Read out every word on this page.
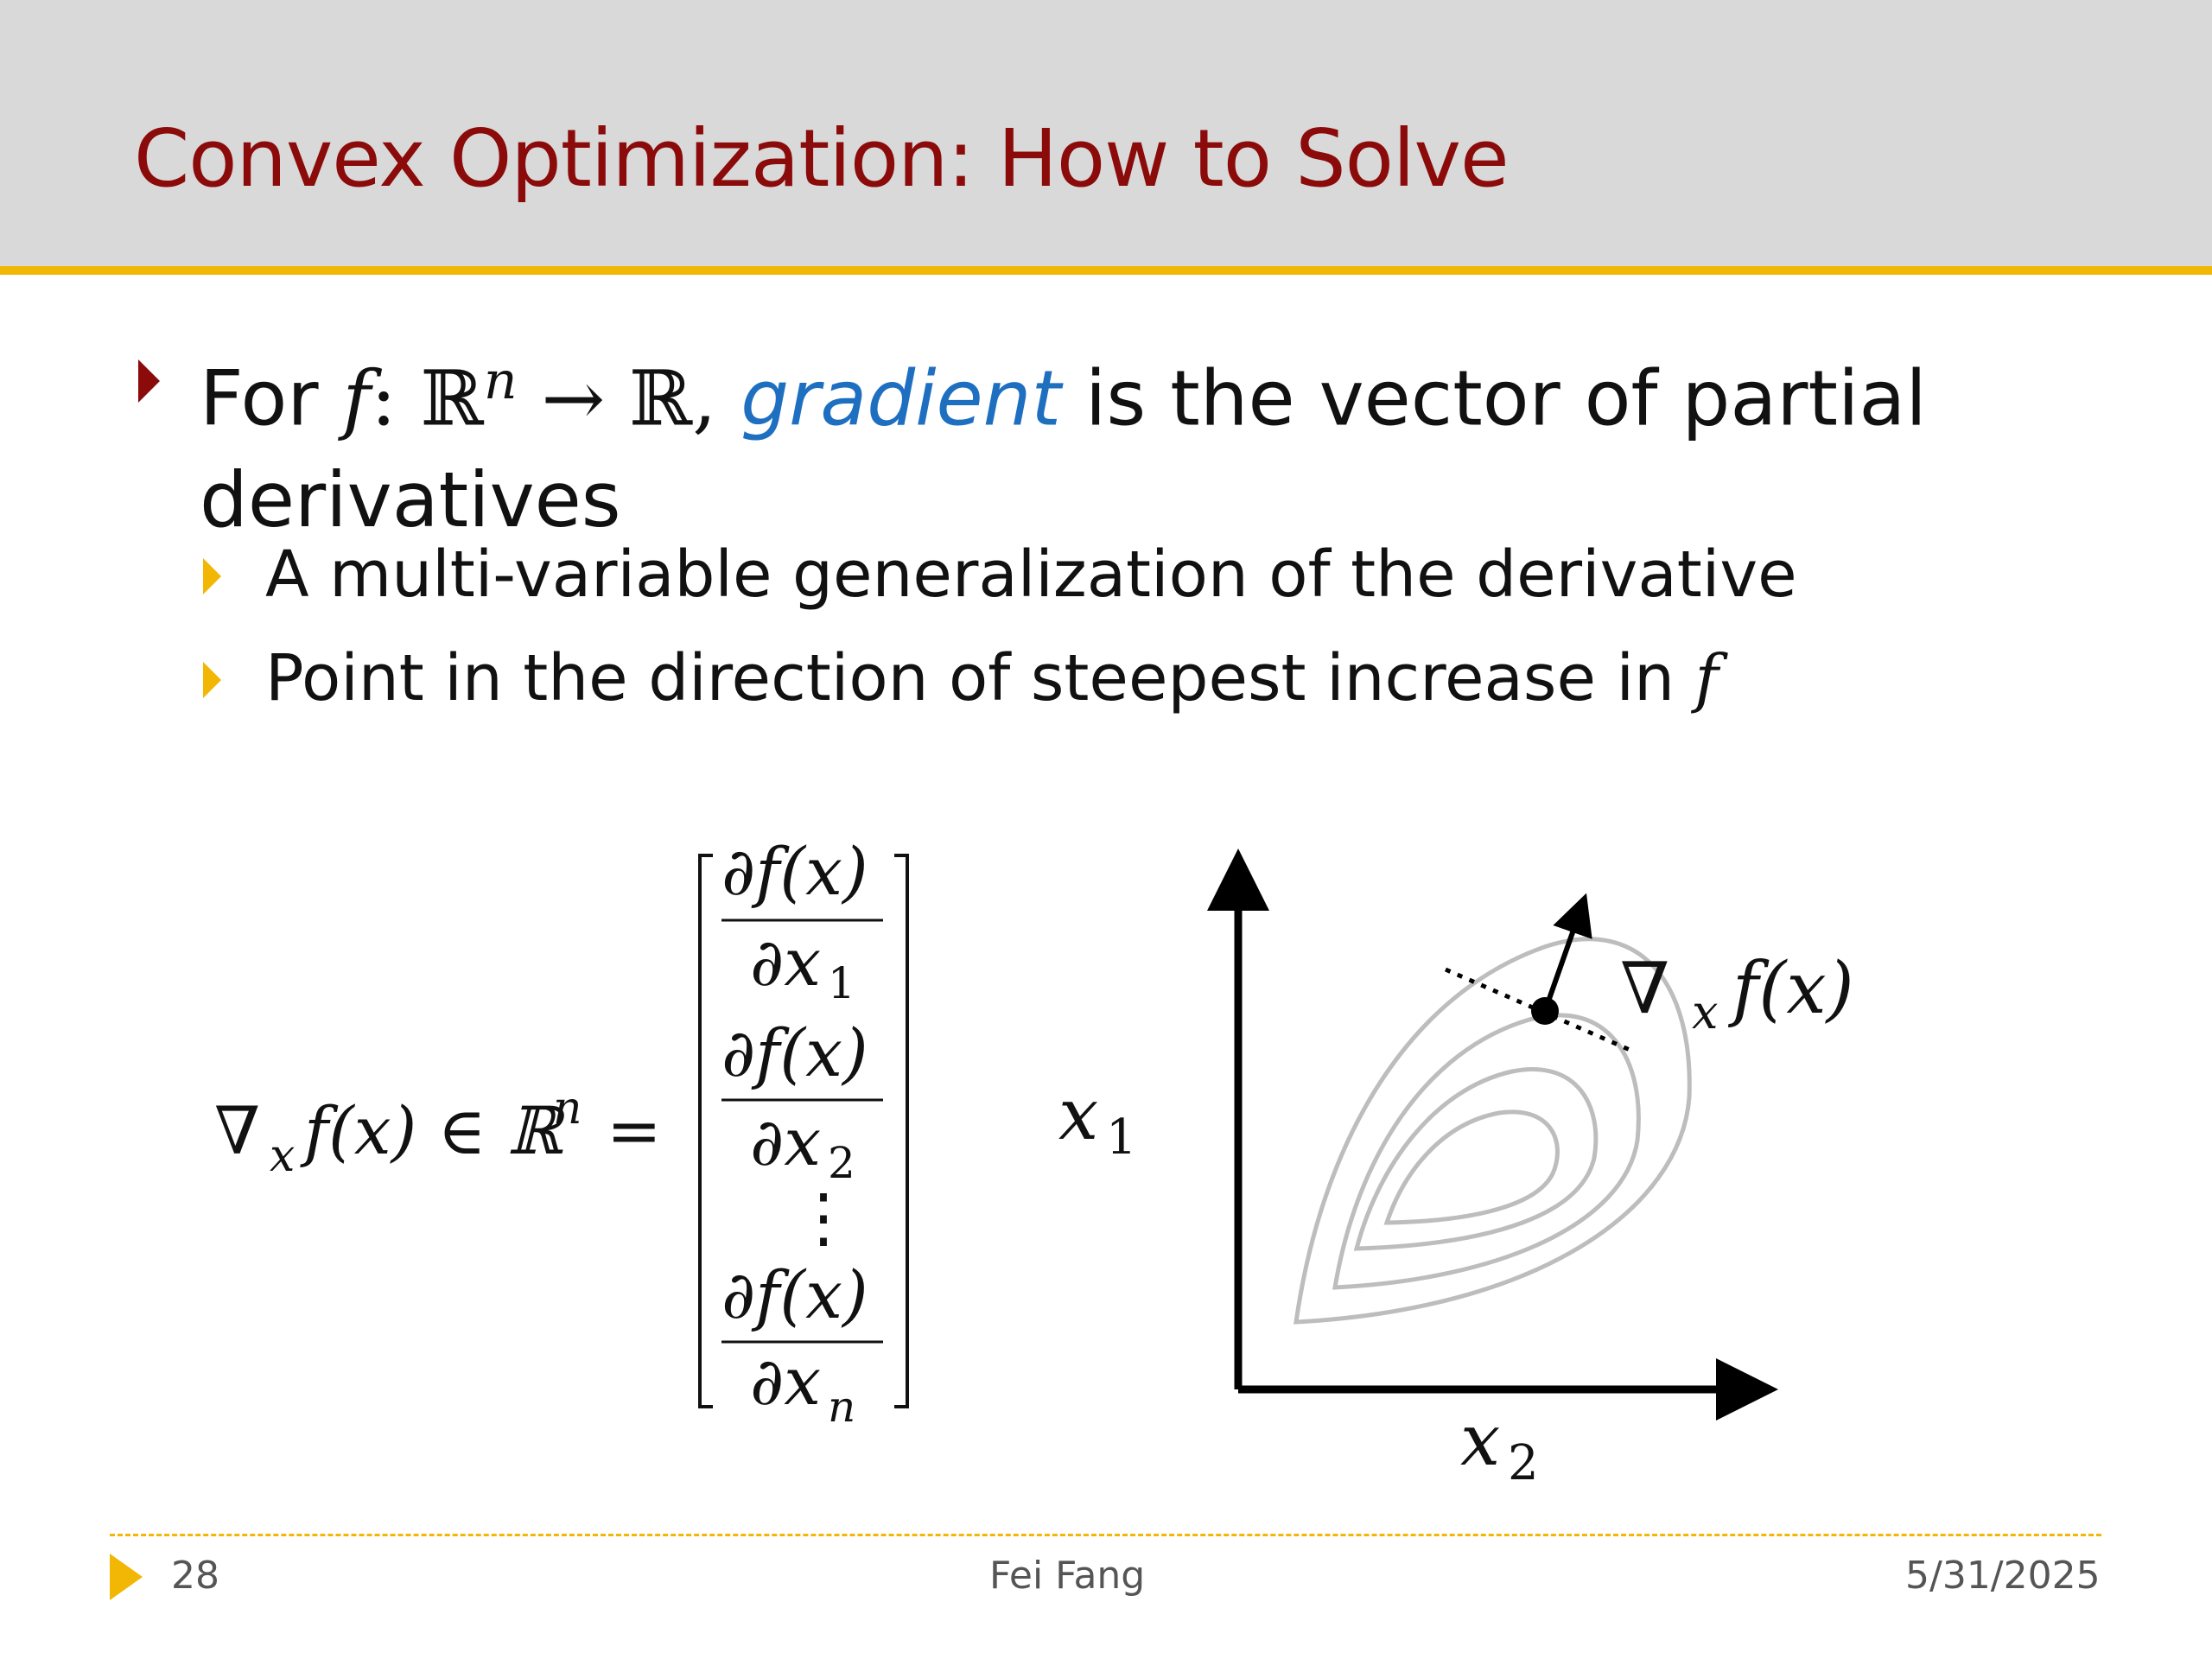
Convex Optimization: How to Solve
For f: ℝ$^n$ → ℝ, gradient is the vector of partial derivatives
A multi-variable generalization of the derivative
Point in the direction of steepest increase in f
∇ x f(x) ∈ ℝ
n =
∂f(x)
∂x 1
∂f(x)
∂x 2
⋮
∂f(x)
∂x n
∇ x f(x)
x 1
x 2
28	Fei Fang	5/31/2025
